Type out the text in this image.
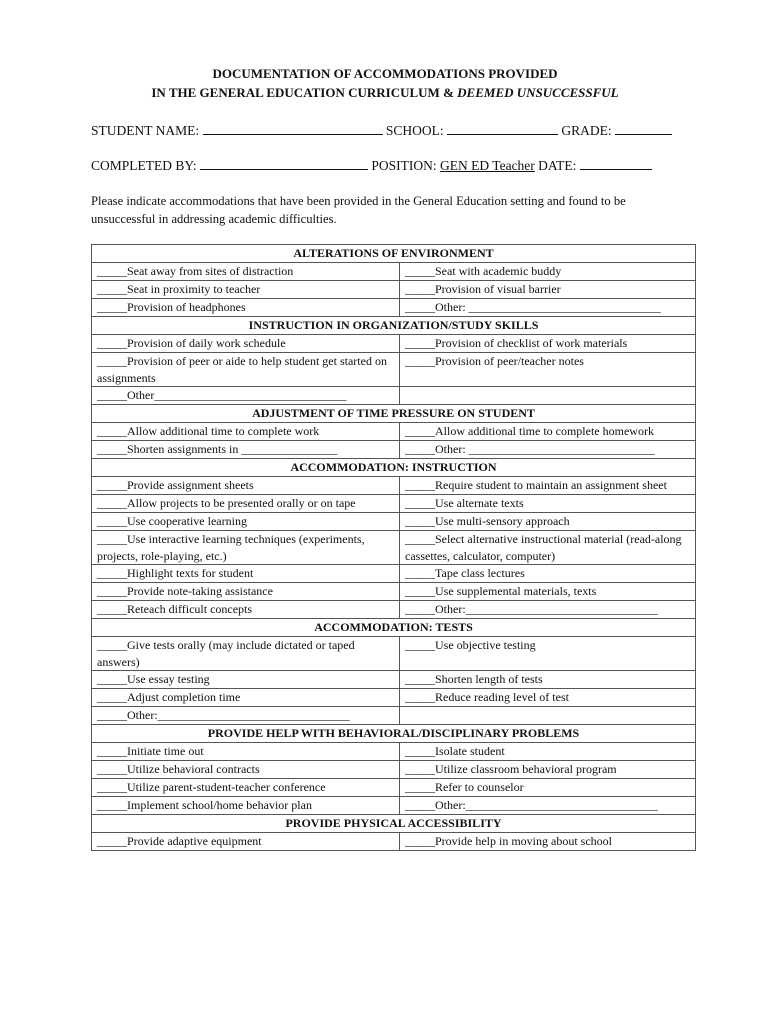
DOCUMENTATION OF ACCOMMODATIONS PROVIDED
IN THE GENERAL EDUCATION CURRICULUM & DEEMED UNSUCCESSFUL
STUDENT NAME:	SCHOOL:	GRADE:
COMPLETED BY:	POSITION: GEN ED Teacher DATE:
Please indicate accommodations that have been provided in the General Education setting and found to be unsuccessful in addressing academic difficulties.
ALTERATIONS OF ENVIRONMENT	
_____Seat away from sites of distraction	_____Seat with academic buddy
_____Seat in proximity to teacher	_____Provision of visual barrier
_____Provision of headphones	_____Other: ________________________________
INSTRUCTION IN ORGANIZATION/STUDY SKILLS	
_____Provision of daily work schedule	_____Provision of checklist of work materials
_____Provision of peer or aide to help student get started on assignments	_____Provision of peer/teacher notes
_____Other________________________________	
ADJUSTMENT OF TIME PRESSURE ON STUDENT	
_____Allow additional time to complete work	_____Allow additional time to complete homework
_____Shorten assignments in ________________	_____Other: _______________________________
ACCOMMODATION: INSTRUCTION	
_____Provide assignment sheets	_____Require student to maintain an assignment sheet
_____Allow projects to be presented orally or on tape	_____Use alternate texts
_____Use cooperative learning	_____Use multi-sensory approach
_____Use interactive learning techniques (experiments, projects, role-playing, etc.)	_____Select alternative instructional material (read-along cassettes, calculator, computer)
_____Highlight texts for student	_____Tape class lectures
_____Provide note-taking assistance	_____Use supplemental materials, texts
_____Reteach difficult concepts	_____Other:________________________________
ACCOMMODATION: TESTS	
_____Give tests orally (may include dictated or taped answers)	_____Use objective testing
_____Use essay testing	_____Shorten length of tests
_____Adjust completion time	_____Reduce reading level of test
_____Other:________________________________	
PROVIDE HELP WITH BEHAVIORAL/DISCIPLINARY PROBLEMS	
_____Initiate time out	_____Isolate student
_____Utilize behavioral contracts	_____Utilize classroom behavioral program
_____Utilize parent-student-teacher conference	_____Refer to counselor
_____Implement school/home behavior plan	_____Other:________________________________
PROVIDE PHYSICAL ACCESSIBILITY	
_____Provide adaptive equipment	_____Provide help in moving about school
